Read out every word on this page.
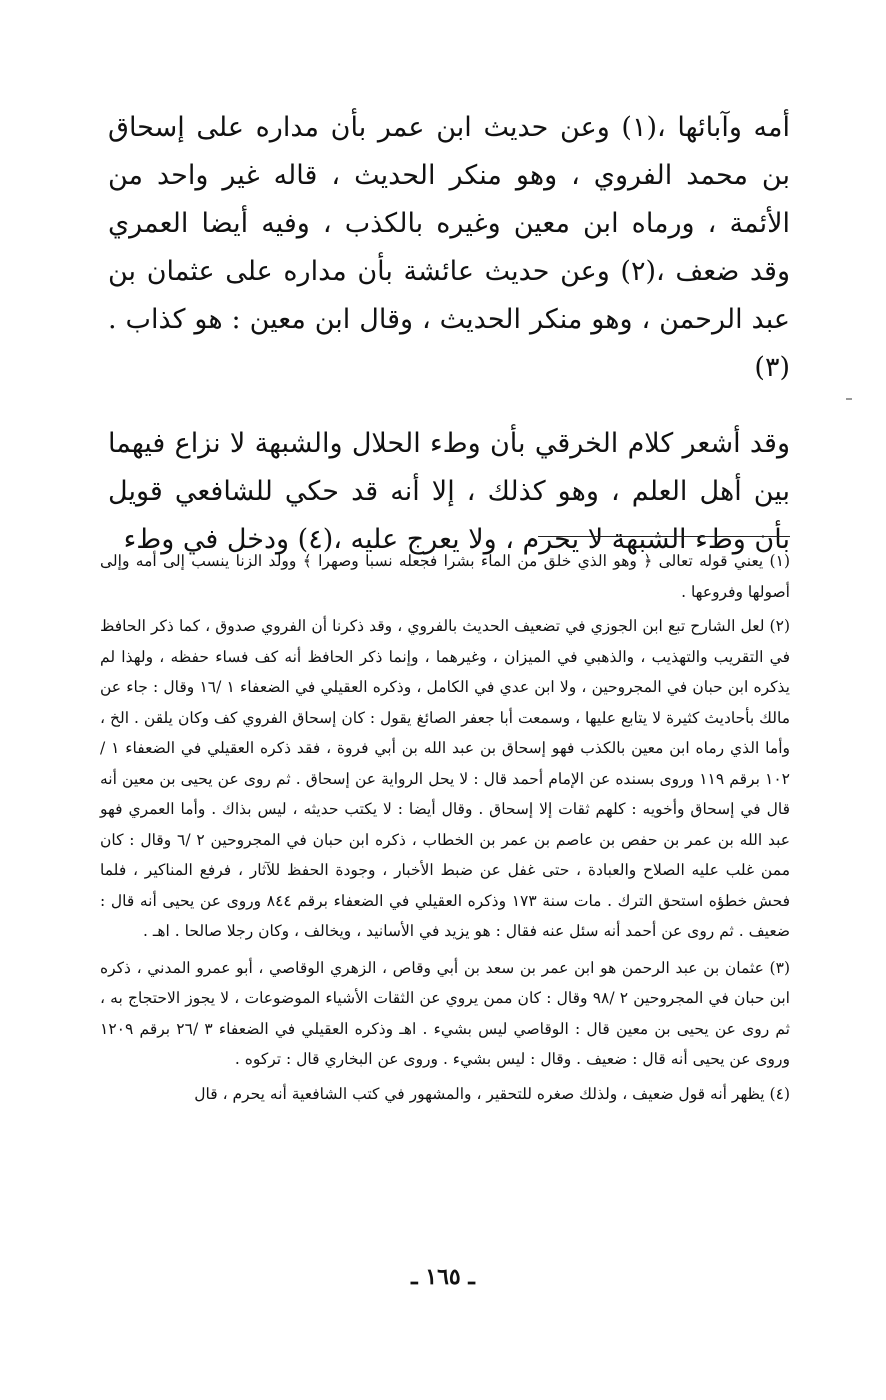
أمه وآبائها ،(١) وعن حديث ابن عمر بأن مداره على إسحاق بن محمد الفروي ، وهو منكر الحديث ، قاله غير واحد من الأئمة ، ورماه ابن معين وغيره بالكذب ، وفيه أيضا العمري وقد ضعف ،(٢) وعن حديث عائشة بأن مداره على عثمان بن عبد الرحمن ، وهو منكر الحديث ، وقال ابن معين : هو كذاب .(٣)

وقد أشعر كلام الخرقي بأن وطء الحلال والشبهة لا نزاع فيهما بين أهل العلم ، وهو كذلك ، إلا أنه قد حكي للشافعي قويل بأن وطء الشبهة لا يحرم ، ولا يعرج عليه ،(٤) ودخل في وطء

(١) يعني قوله تعالى ﴿ وهو الذي خلق من الماء بشرا فجعله نسبا وصهرا ﴾ وولد الزنا ينسب إلى أمه وإلى أصولها وفروعها .

(٢) لعل الشارح تبع ابن الجوزي في تضعيف الحديث بالفروي ، وقد ذكرنا أن الفروي صدوق ، كما ذكر الحافظ في التقريب والتهذيب ، والذهبي في الميزان ، وغيرهما ، وإنما ذكر الحافظ أنه كف فساء حفظه ، ولهذا لم يذكره ابن حبان في المجروحين ، ولا ابن عدي في الكامل ، وذكره العقيلي في الضعفاء ١ /١٦ وقال : جاء عن مالك بأحاديث كثيرة لا يتابع عليها ، وسمعت أبا جعفر الصائغ يقول : كان إسحاق الفروي كف وكان يلقن . الخ ، وأما الذي رماه ابن معين بالكذب فهو إسحاق بن عبد الله بن أبي فروة ، فقد ذكره العقيلي في الضعفاء ١ /١٠٢ برقم ١١٩ وروى بسنده عن الإمام أحمد قال : لا يحل الرواية عن إسحاق . ثم روى عن يحيى بن معين أنه قال في إسحاق وأخويه : كلهم ثقات إلا إسحاق . وقال أيضا : لا يكتب حديثه ، ليس بذاك . وأما العمري فهو عبد الله بن عمر بن حفص بن عاصم بن عمر بن الخطاب ، ذكره ابن حبان في المجروحين ٢ /٦ وقال : كان ممن غلب عليه الصلاح والعبادة ، حتى غفل عن ضبط الأخبار ، وجودة الحفظ للآثار ، فرفع المناكير ، فلما فحش خطؤه استحق الترك . مات سنة ١٧٣ وذكره العقيلي في الضعفاء برقم ٨٤٤ وروى عن يحيى أنه قال : ضعيف . ثم روى عن أحمد أنه سئل عنه فقال : هو يزيد في الأسانيد ، ويخالف ، وكان رجلا صالحا . اهـ .

(٣) عثمان بن عبد الرحمن هو ابن عمر بن سعد بن أبي وقاص ، الزهري الوقاصي ، أبو عمرو المدني ، ذكره ابن حبان في المجروحين ٢ /٩٨ وقال : كان ممن يروي عن الثقات الأشياء الموضوعات ، لا يجوز الاحتجاج به ، ثم روى عن يحيى بن معين قال : الوقاصي ليس بشيء . اهـ وذكره العقيلي في الضعفاء ٣ /٢٦ برقم ١٢٠٩ وروى عن يحيى أنه قال : ضعيف . وقال : ليس بشيء . وروى عن البخاري قال : تركوه .

(٤) يظهر أنه قول ضعيف ، ولذلك صغره للتحقير ، والمشهور في كتب الشافعية أنه يحرم ، قال

ـ ١٦٥ ـ
